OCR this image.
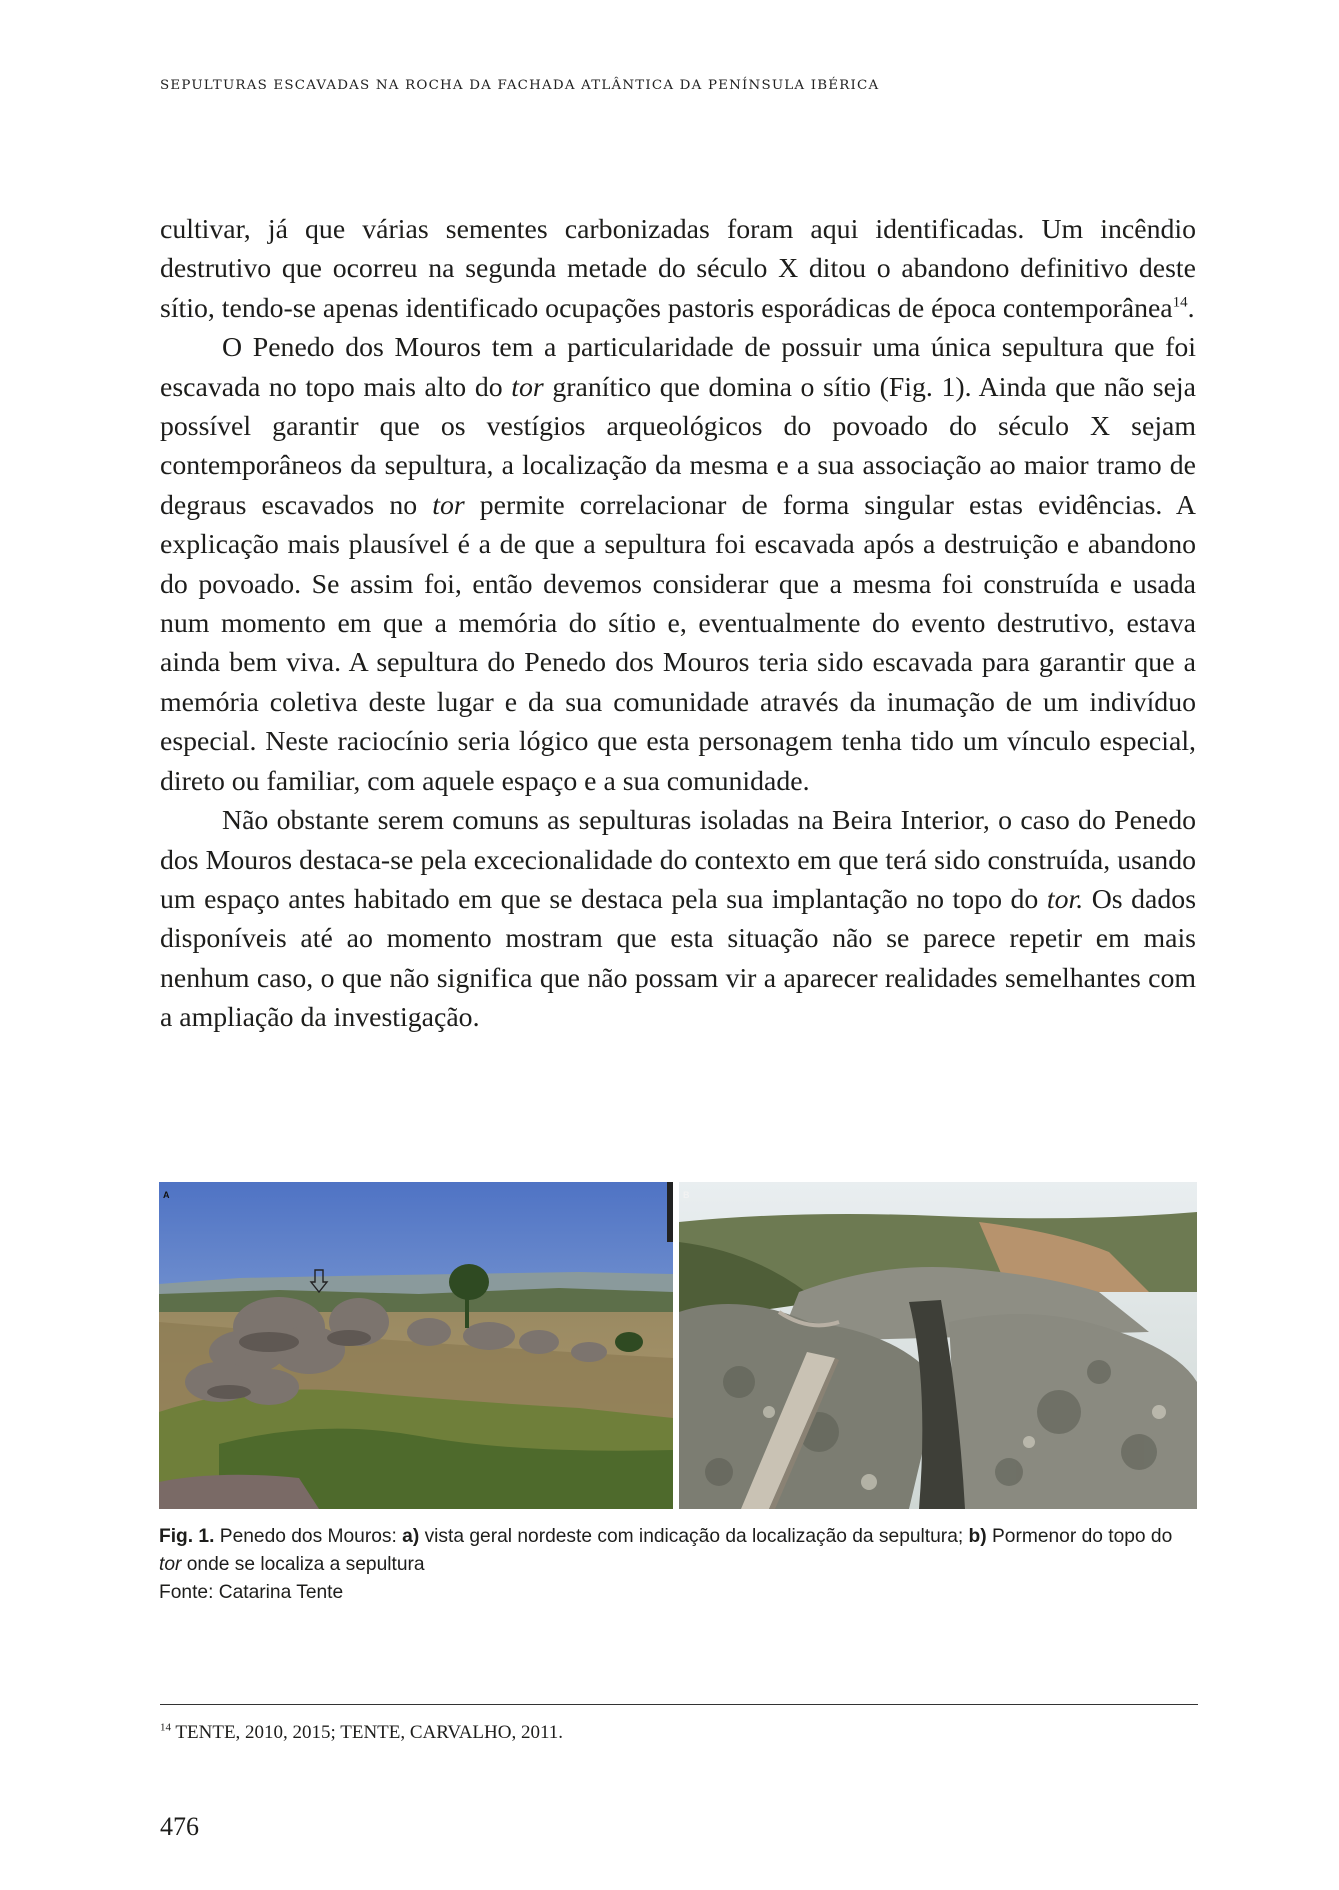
SEPULTURAS ESCAVADAS NA ROCHA DA FACHADA ATLÂNTICA DA PENÍNSULA IBÉRICA

cultivar, já que várias sementes carbonizadas foram aqui identificadas. Um incêndio destrutivo que ocorreu na segunda metade do século X ditou o abandono definitivo deste sítio, tendo-se apenas identificado ocupações pastoris esporádicas de época contemporânea$^{14}$.

O Penedo dos Mouros tem a particularidade de possuir uma única sepultura que foi escavada no topo mais alto do tor granítico que domina o sítio (Fig. 1). Ainda que não seja possível garantir que os vestígios arqueológicos do povoado do século X sejam contemporâneos da sepultura, a localização da mesma e a sua associação ao maior tramo de degraus escavados no tor permite correlacionar de forma singular estas evidências. A explicação mais plausível é a de que a sepultura foi escavada após a destruição e abandono do povoado. Se assim foi, então devemos considerar que a mesma foi construída e usada num momento em que a memória do sítio e, eventualmente do evento destrutivo, estava ainda bem viva. A sepultura do Penedo dos Mouros teria sido escavada para garantir que a memória coletiva deste lugar e da sua comunidade através da inumação de um indivíduo especial. Neste raciocínio seria lógico que esta personagem tenha tido um vínculo especial, direto ou familiar, com aquele espaço e a sua comunidade.

Não obstante serem comuns as sepulturas isoladas na Beira Interior, o caso do Penedo dos Mouros destaca-se pela excecionalidade do contexto em que terá sido construída, usando um espaço antes habitado em que se destaca pela sua implantação no topo do tor. Os dados disponíveis até ao momento mostram que esta situação não se parece repetir em mais nenhum caso, o que não significa que não possam vir a aparecer realidades semelhantes com a ampliação da investigação.

A	B
Fig. 1. Penedo dos Mouros: a) vista geral nordeste com indicação da localização da sepultura; b) Pormenor do topo do tor onde se localiza a sepultura
Fonte: Catarina Tente
$^{14}$ TENTE, 2010, 2015; TENTE, CARVALHO, 2011.
476
